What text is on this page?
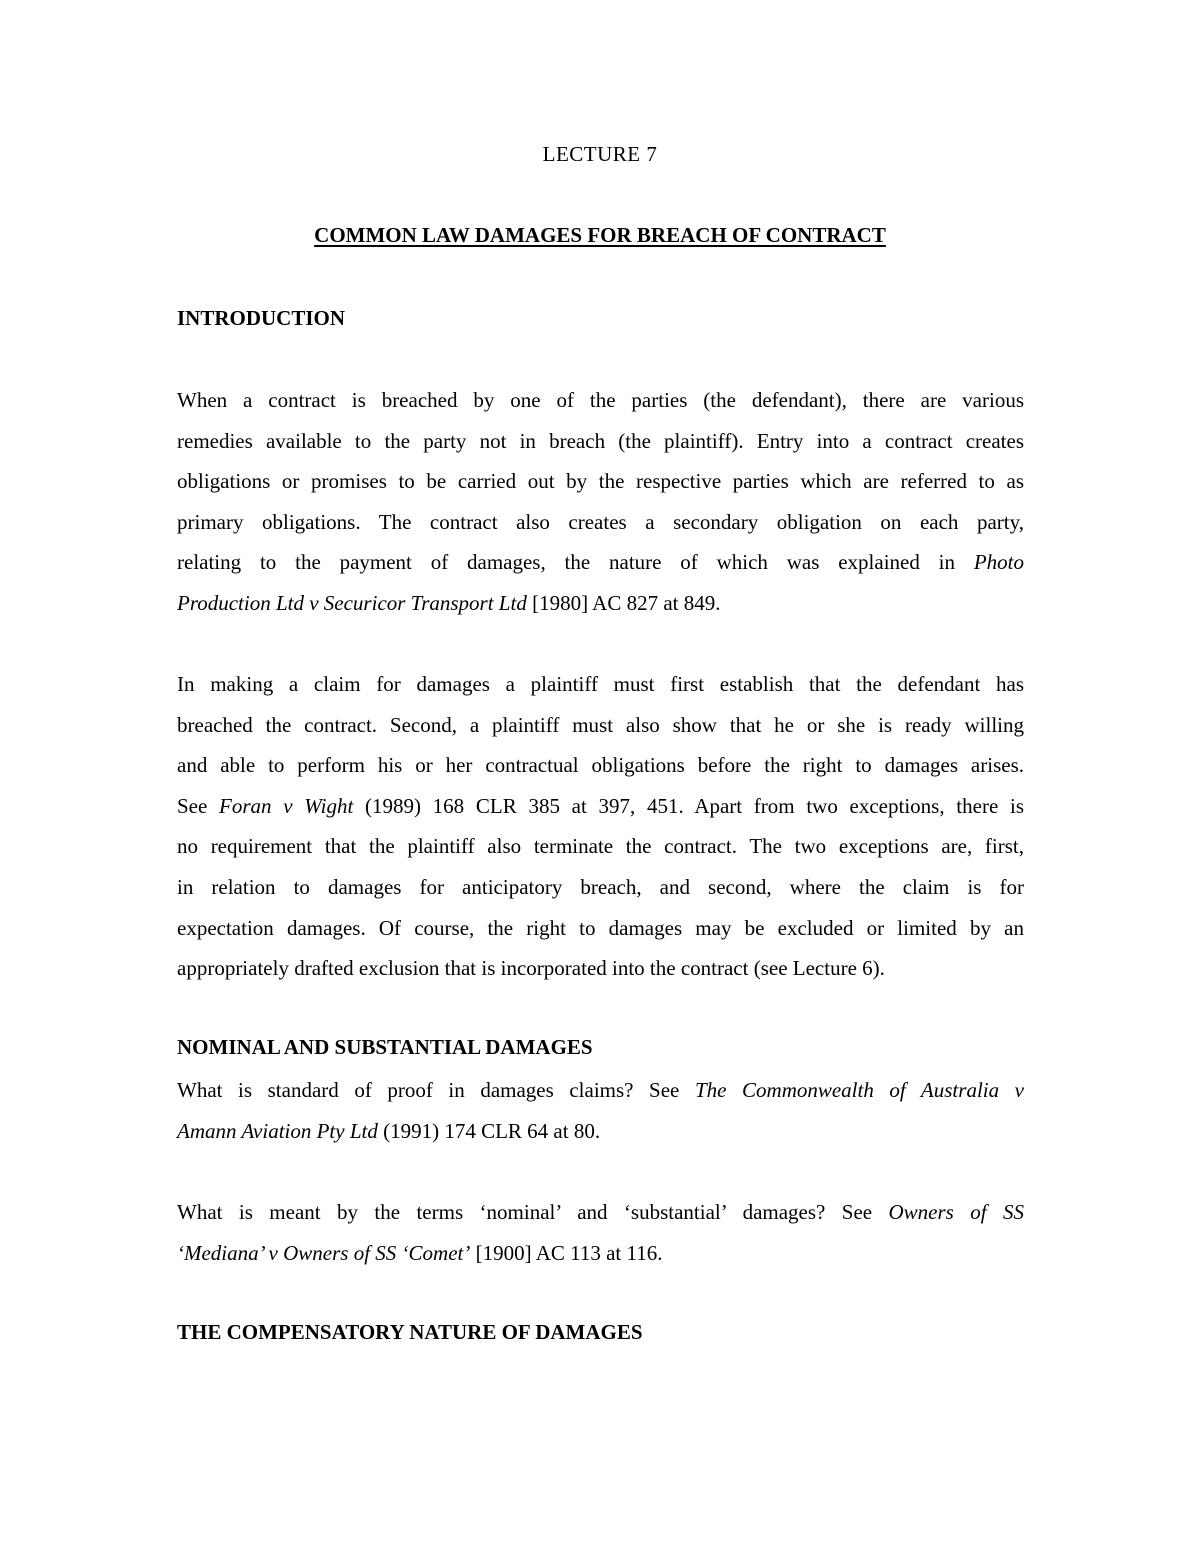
LECTURE 7
COMMON LAW DAMAGES FOR BREACH OF CONTRACT
INTRODUCTION
When a contract is breached by one of the parties (the defendant), there are various
remedies available to the party not in breach (the plaintiff). Entry into a contract creates
obligations or promises to be carried out by the respective parties which are referred to as
primary obligations. The contract also creates a secondary obligation on each party,
relating to the payment of damages, the nature of which was explained in Photo
Production Ltd v Securicor Transport Ltd [1980] AC 827 at 849.
In making a claim for damages a plaintiff must first establish that the defendant has
breached the contract. Second, a plaintiff must also show that he or she is ready willing
and able to perform his or her contractual obligations before the right to damages arises.
See Foran v Wight (1989) 168 CLR 385 at 397, 451. Apart from two exceptions, there is
no requirement that the plaintiff also terminate the contract. The two exceptions are, first,
in relation to damages for anticipatory breach, and second, where the claim is for
expectation damages. Of course, the right to damages may be excluded or limited by an
appropriately drafted exclusion that is incorporated into the contract (see Lecture 6).
NOMINAL AND SUBSTANTIAL DAMAGES
What is standard of proof in damages claims? See The Commonwealth of Australia v
Amann Aviation Pty Ltd (1991) 174 CLR 64 at 80.
What is meant by the terms ‘nominal’ and ‘substantial’ damages? See Owners of SS
‘Mediana’ v Owners of SS ‘Comet’ [1900] AC 113 at 116.
THE COMPENSATORY NATURE OF DAMAGES
